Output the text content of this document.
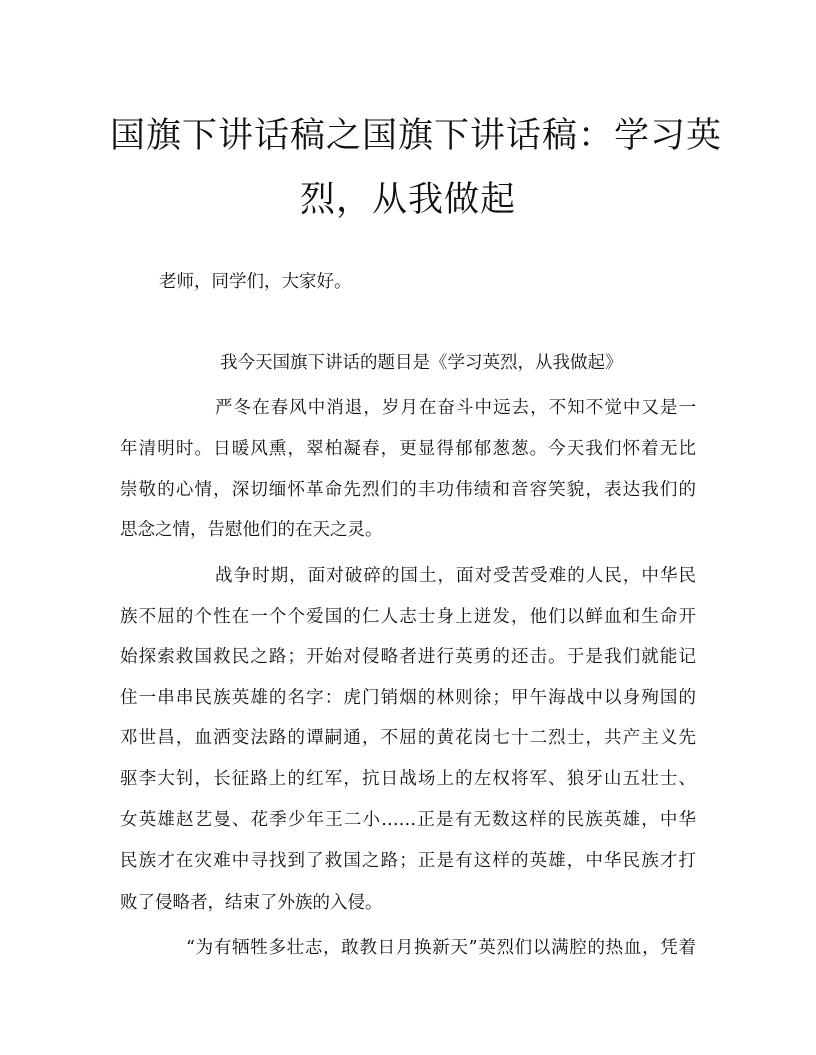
国旗下讲话稿之国旗下讲话稿：学习英
烈，从我做起

老师，同学们，大家好。

我今天国旗下讲话的题目是《学习英烈，从我做起》

严冬在春风中消退，岁月在奋斗中远去，不知不觉中又是一

年清明时。日暖风熏，翠柏凝春，更显得郁郁葱葱。今天我们怀着无比

崇敬的心情，深切缅怀革命先烈们的丰功伟绩和音容笑貌，表达我们的

思念之情，告慰他们的在天之灵。

战争时期，面对破碎的国土，面对受苦受难的人民，中华民

族不屈的个性在一个个爱国的仁人志士身上迸发，他们以鲜血和生命开

始探索救国救民之路；开始对侵略者进行英勇的还击。于是我们就能记

住一串串民族英雄的名字：虎门销烟的林则徐；甲午海战中以身殉国的

邓世昌，血洒变法路的谭嗣通，不屈的黄花岗七十二烈士，共产主义先

驱李大钊，长征路上的红军，抗日战场上的左权将军、狼牙山五壮士、

女英雄赵艺曼、花季少年王二小……正是有无数这样的民族英雄，中华

民族才在灾难中寻找到了救国之路；正是有这样的英雄，中华民族才打

败了侵略者，结束了外族的入侵。

“为有牺牲多壮志，敢教日月换新天”英烈们以满腔的热血，凭着
